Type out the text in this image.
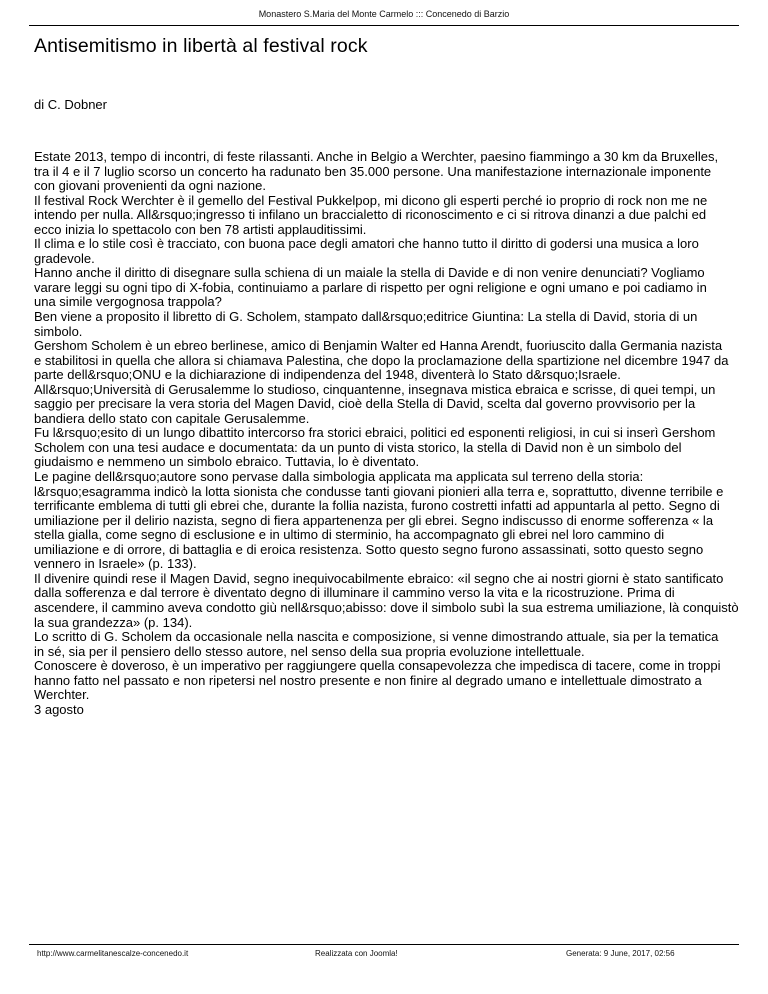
Monastero S.Maria del Monte Carmelo ::: Concenedo di Barzio
Antisemitismo in libertà al festival rock
di C. Dobner

Estate 2013, tempo di incontri, di feste rilassanti. Anche in Belgio a Werchter, paesino fiammingo a 30 km da Bruxelles,

tra il 4 e il 7 luglio scorso un concerto ha radunato ben 35.000 persone. Una manifestazione internazionale imponente

con giovani provenienti da ogni nazione.

Il festival Rock Werchter è il gemello del Festival Pukkelpop, mi dicono gli esperti perché io proprio di rock non me ne

intendo per nulla. All&rsquo;ingresso ti infilano un braccialetto di riconoscimento e ci si ritrova dinanzi a due palchi ed

ecco inizia lo spettacolo con ben 78 artisti applauditissimi.

Il clima e lo stile così è tracciato, con buona pace degli amatori che hanno tutto il diritto di godersi una musica a loro

gradevole.

Hanno anche il diritto di disegnare sulla schiena di un maiale la stella di Davide e di non venire denunciati? Vogliamo

varare leggi su ogni tipo di X-fobia, continuiamo a parlare di rispetto per ogni religione e ogni umano e poi cadiamo in

una simile vergognosa trappola?

Ben viene a proposito il libretto di G. Scholem, stampato dall&rsquo;editrice Giuntina: La stella di David, storia di un

simbolo.

Gershom Scholem è un ebreo berlinese, amico di Benjamin Walter ed Hanna Arendt, fuoriuscito dalla Germania nazista

e stabilitosi in quella che allora si chiamava Palestina, che dopo la proclamazione della spartizione nel dicembre 1947 da

parte dell&rsquo;ONU e la dichiarazione di indipendenza del 1948, diventerà lo Stato d&rsquo;Israele.

All&rsquo;Università di Gerusalemme lo studioso, cinquantenne, insegnava mistica ebraica e scrisse, di quei tempi, un

saggio per precisare la vera storia del Magen David, cioè della Stella di David, scelta dal governo provvisorio per la

bandiera dello stato con capitale Gerusalemme.

Fu l&rsquo;esito di un lungo dibattito intercorso fra storici ebraici, politici ed esponenti religiosi, in cui si inserì Gershom

Scholem con una tesi audace e documentata: da un punto di vista storico, la stella di David non è un simbolo del

giudaismo e nemmeno un simbolo ebraico. Tuttavia, lo è diventato.

Le pagine dell&rsquo;autore sono pervase dalla simbologia applicata ma applicata sul terreno della storia:

l&rsquo;esagramma indicò la lotta sionista che condusse tanti giovani pionieri alla terra e, soprattutto, divenne terribile e

terrificante emblema di tutti gli ebrei che, durante la follia nazista, furono costretti infatti ad appuntarla al petto. Segno di

umiliazione per il delirio nazista, segno di fiera appartenenza per gli ebrei. Segno indiscusso di enorme sofferenza « la

stella gialla, come segno di esclusione e in ultimo di sterminio, ha accompagnato gli ebrei nel loro cammino di

umiliazione e di orrore, di battaglia e di eroica resistenza. Sotto questo segno furono assassinati, sotto questo segno

vennero in Israele» (p. 133).

Il divenire quindi rese il Magen David, segno inequivocabilmente ebraico: «il segno che ai nostri giorni è stato santificato

dalla sofferenza e dal terrore è diventato degno di illuminare il cammino verso la vita e la ricostruzione. Prima di

ascendere, il cammino aveva condotto giù nell&rsquo;abisso: dove il simbolo subì la sua estrema umiliazione, là conquistò

la sua grandezza» (p. 134).

Lo scritto di G. Scholem da occasionale nella nascita e composizione, si venne dimostrando attuale, sia per la tematica

in sé, sia per il pensiero dello stesso autore, nel senso della sua propria evoluzione intellettuale.

Conoscere è doveroso, è un imperativo per raggiungere quella consapevolezza che impedisca di tacere, come in troppi

hanno fatto nel passato e non ripetersi nel nostro presente e non finire al degrado umano e intellettuale dimostrato a

Werchter.

3 agosto

http://www.carmelitanescalze-concenedo.it	Realizzata con Joomla!	Generata: 9 June, 2017, 02:56
